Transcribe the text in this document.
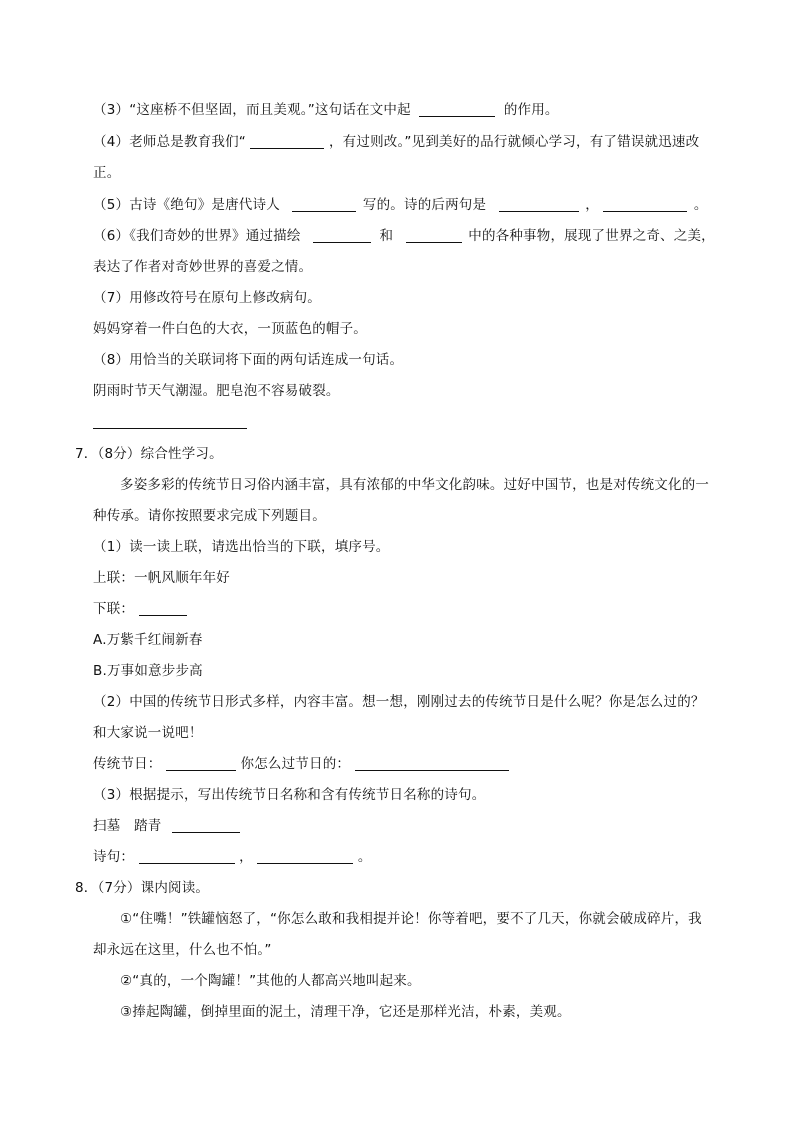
（3）“这座桥不但坚固，而且美观。”这句话在文中起	的作用。
（4）老师总是教育我们“	，有过则改。”见到美好的品行就倾心学习，有了错误就迅速改
正。
（5）古诗《绝句》是唐代诗人	写的。诗的后两句是	，	。
（6）《我们奇妙的世界》通过描绘	和	中的各种事物，展现了世界之奇、之美，
表达了作者对奇妙世界的喜爱之情。
（7）用修改符号在原句上修改病句。
妈妈穿着一件白色的大衣，一顶蓝色的帽子。
（8）用恰当的关联词将下面的两句话连成一句话。
阴雨时节天气潮湿。肥皂泡不容易破裂。
7．（8分）综合性学习。
多姿多彩的传统节日习俗内涵丰富，具有浓郁的中华文化韵味。过好中国节，也是对传统文化的一
种传承。请你按照要求完成下列题目。
（1）读一读上联，请选出恰当的下联，填序号。
上联：一帆风顺年年好
下联：
A.万紫千红闹新春
B.万事如意步步高
（2）中国的传统节日形式多样，内容丰富。想一想，刚刚过去的传统节日是什么呢？你是怎么过的？
和大家说一说吧！
传统节日：	你怎么过节日的：
（3）根据提示，写出传统节日名称和含有传统节日名称的诗句。
扫墓　踏青
诗句：	，	。
8．（7分）课内阅读。
①“住嘴！”铁罐恼怒了，“你怎么敢和我相提并论！你等着吧，要不了几天，你就会破成碎片，我
却永远在这里，什么也不怕。”
②“真的，一个陶罐！”其他的人都高兴地叫起来。
③捧起陶罐，倒掉里面的泥土，清理干净，它还是那样光洁，朴素，美观。
